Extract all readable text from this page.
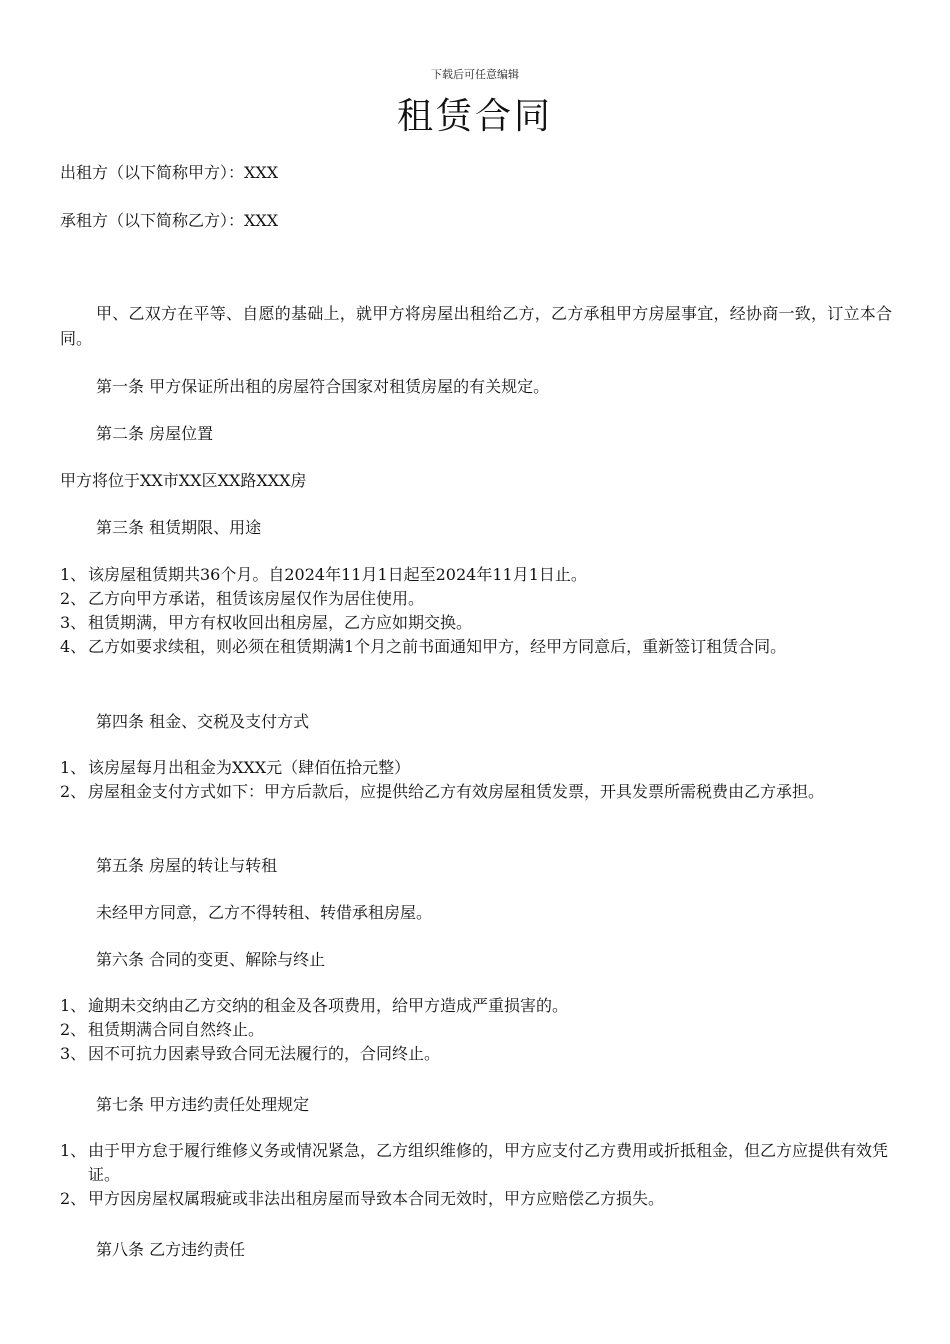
下载后可任意编辑
租赁合同
出租方（以下简称甲方）：XXX
承租方（以下简称乙方）：XXX
甲、乙双方在平等、自愿的基础上，就甲方将房屋出租给乙方，乙方承租甲方房屋事宜，经协商一致，订立本合同。
第一条 甲方保证所出租的房屋符合国家对租赁房屋的有关规定。
第二条 房屋位置
甲方将位于XX市XX区XX路XXX房
第三条 租赁期限、用途
1、 该房屋租赁期共36个月。自2024年11月1日起至2024年11月1日止。
2、 乙方向甲方承诺，租赁该房屋仅作为居住使用。
3、 租赁期满，甲方有权收回出租房屋，乙方应如期交换。
4、 乙方如要求续租，则必须在租赁期满1个月之前书面通知甲方，经甲方同意后，重新签订租赁合同。
第四条 租金、交税及支付方式
1、 该房屋每月出租金为XXX元（肆佰伍拾元整）
2、 房屋租金支付方式如下：甲方后款后，应提供给乙方有效房屋租赁发票，开具发票所需税费由乙方承担。
第五条 房屋的转让与转租
未经甲方同意，乙方不得转租、转借承租房屋。
第六条 合同的变更、解除与终止
1、 逾期未交纳由乙方交纳的租金及各项费用，给甲方造成严重损害的。
2、 租赁期满合同自然终止。
3、 因不可抗力因素导致合同无法履行的，合同终止。
第七条 甲方违约责任处理规定
1、 由于甲方怠于履行维修义务或情况紧急，乙方组织维修的，甲方应支付乙方费用或折抵租金，但乙方应提供有效凭证。
2、 甲方因房屋权属瑕疵或非法出租房屋而导致本合同无效时，甲方应赔偿乙方损失。
第八条 乙方违约责任
